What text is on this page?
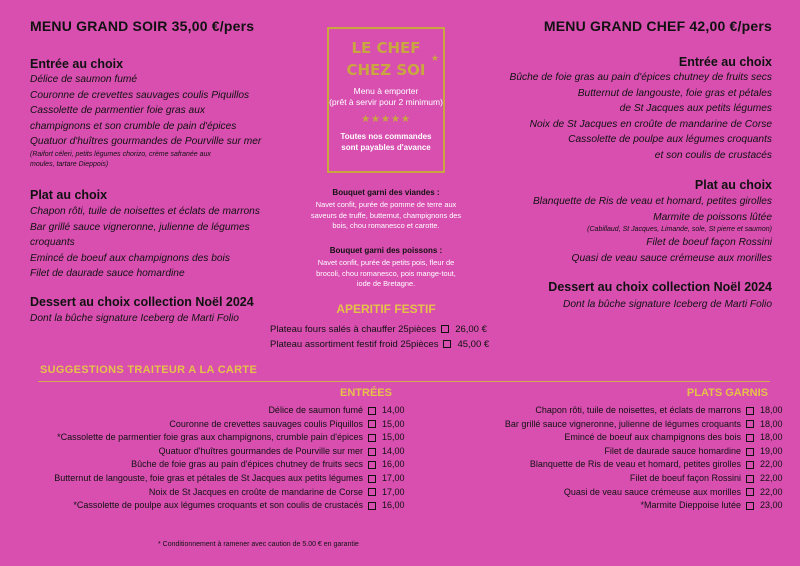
MENU GRAND SOIR 35,00 €/pers
Entrée au choix
Délice de saumon fumé
Couronne de crevettes sauvages coulis Piquillos
Cassolette de parmentier foie gras aux
champignons et son crumble de pain d'épices
Quatuor d'huîtres gourmandes de Pourville sur mer
(Raifort céleri, petits légumes chorizo, crème safranée aux
moules, tartare Dieppois)
Plat au choix
Chapon rôti, tuile de noisettes et éclats de marrons
Bar grillé sauce vigneronne, julienne de légumes
croquants
Emincé de boeuf aux champignons des bois
Filet de daurade sauce homardine
Dessert au choix collection Noël 2024
Dont la bûche signature Iceberg de Marti Folio
★
LE CHEF
CHEZ SOI
Menu à emporter
(prêt à servir pour 2 minimum)
★★★★★
Toutes nos commandes
sont payables d'avance
Bouquet garni des viandes :
Navet confit, purée de pomme de terre aux
saveurs de truffe, butternut, champignons des
bois, chou romanesco et carotte.
Bouquet garni des poissons :
Navet confit, purée de petits pois, fleur de
brocoli, chou romanesco, pois mange-tout,
iode de Bretagne.
APERITIF FESTIF
Plateau fours salés à chauffer 25pièces 26,00 €
Plateau assortiment festif froid 25pièces 45,00 €
MENU GRAND CHEF 42,00 €/pers
Entrée au choix
Bûche de foie gras au pain d'épices chutney de fruits secs
Butternut de langouste, foie gras et pétales
de St Jacques aux petits légumes
Noix de St Jacques en croûte de mandarine de Corse
Cassolette de poulpe aux légumes croquants
et son coulis de crustacés
Plat au choix
Blanquette de Ris de veau et homard, petites girolles
Marmite de poissons lûtée
(Cabillaud, St Jacques, Limande, sole, St pierre et saumon)
Filet de boeuf façon Rossini
Quasi de veau sauce crémeuse aux morilles
Dessert au choix collection Noël 2024
Dont la bûche signature Iceberg de Marti Folio
SUGGESTIONS TRAITEUR A LA CARTE
ENTRÉES
Délice de saumon fumé 14,00
Couronne de crevettes sauvages coulis Piquillos 15,00
*Cassolette de parmentier foie gras aux champignons, crumble pain d'épices 15,00
Quatuor d'huîtres gourmandes de Pourville sur mer 14,00
Bûche de foie gras au pain d'épices chutney de fruits secs 16,00
Butternut de langouste, foie gras et pétales de St Jacques aux petits légumes 17,00
Noix de St Jacques en croûte de mandarine de Corse 17,00
*Cassolette de poulpe aux légumes croquants et son coulis de crustacés 16,00
PLATS GARNIS
Chapon rôti, tuile de noisettes, et éclats de marrons 18,00
Bar grillé sauce vigneronne, julienne de légumes croquants 18,00
Emincé de boeuf aux champignons des bois 18,00
Filet de daurade sauce homardine 19,00
Blanquette de Ris de veau et homard, petites girolles 22,00
Filet de boeuf façon Rossini 22,00
Quasi de veau sauce crémeuse aux morilles 22,00
*Marmite Dieppoise lutée 23,00
* Conditionnement à ramener avec caution de 5.00 € en garantie
